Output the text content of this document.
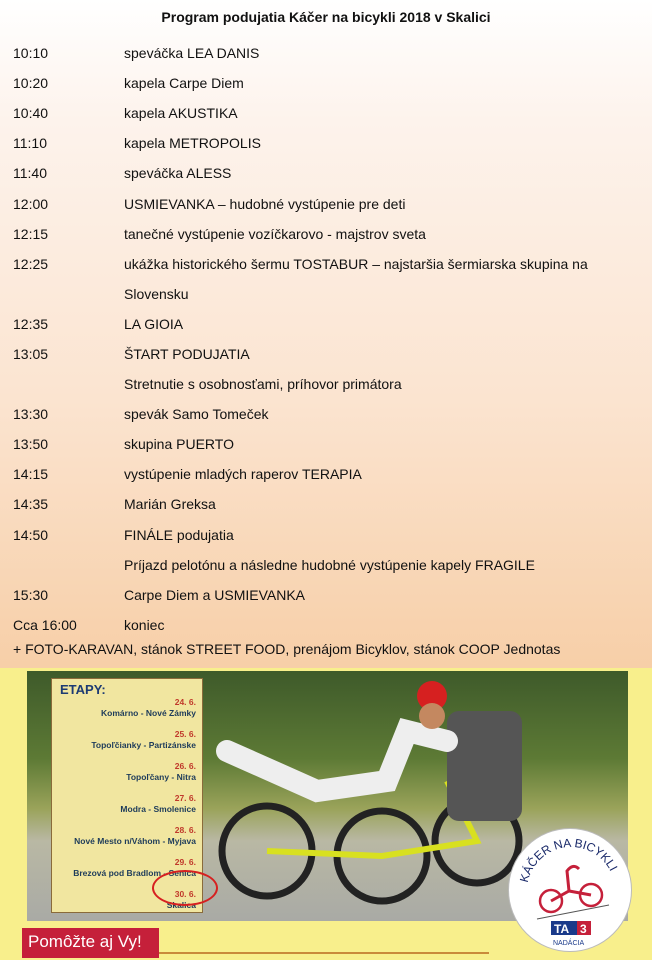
Program podujatia Káčer na bicykli 2018 v Skalici
10:10	speváčka LEA DANIS
10:20	kapela Carpe Diem
10:40	kapela AKUSTIKA
11:10	kapela METROPOLIS
11:40	speváčka ALESS
12:00	USMIEVANKA – hudobné vystúpenie pre deti
12:15	tanečné vystúpenie vozíčkarovo - majstrov sveta
12:25	ukážka historického šermu TOSTABUR – najstaršia šermiarska skupina na
Slovensku
12:35	LA GIOIA
13:05	ŠTART PODUJATIA
Stretnutie s osobnosťami, príhovor primátora
13:30	spevák Samo Tomeček
13:50	skupina PUERTO
14:15	vystúpenie mladých raperov TERAPIA
14:35	Marián Greksa
14:50	FINÁLE podujatia
Príjazd pelotónu a následne hudobné vystúpenie kapely FRAGILE
15:30	Carpe Diem a USMIEVANKA
Cca 16:00	koniec
+ FOTO-KARAVAN, stánok STREET FOOD, prenájom Bicyklov, stánok COOP Jednotas
ETAPY:
24. 6.
Komárno - Nové Zámky
25. 6.
Topoľčianky - Partizánske
26. 6.
Topoľčany - Nitra
27. 6.
Modra - Smolenice
28. 6.
Nové Mesto n/Váhom - Myjava
29. 6.
Brezová pod Bradlom - Senica
30. 6.
Skalica
KÁČER NA BICYKLI
TA 3
NADÁCIA
Pomôžte aj Vy!
